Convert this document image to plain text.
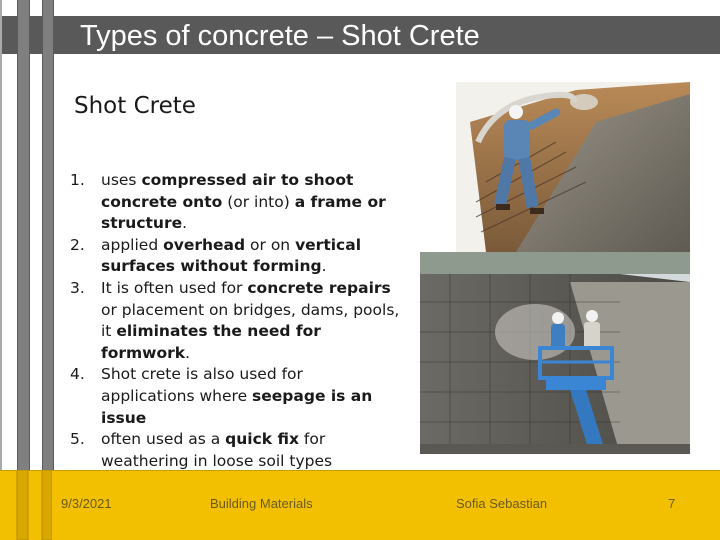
Types of concrete – Shot Crete
Shot Crete
1. uses compressed air to shoot concrete onto (or into) a frame or structure.
2. applied overhead or on vertical surfaces without forming.
3. It is often used for concrete repairs or placement on bridges, dams, pools, it eliminates the need for formwork.
4. Shot crete is also used for applications where seepage is an issue
5. often used as a quick fix for weathering in loose soil types
9/3/2021	Building Materials	Sofia Sebastian	7
